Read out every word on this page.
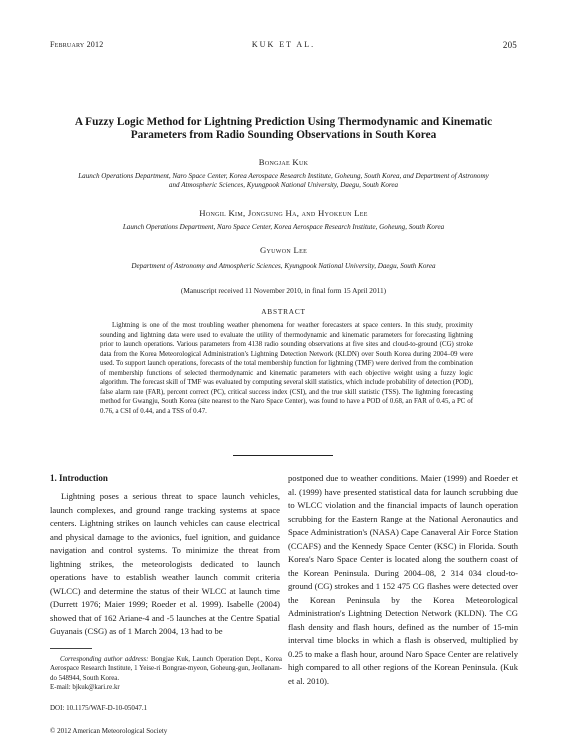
February 2012	KUK ET AL.	205
A Fuzzy Logic Method for Lightning Prediction Using Thermodynamic and Kinematic Parameters from Radio Sounding Observations in South Korea
Bongjae Kuk
Launch Operations Department, Naro Space Center, Korea Aerospace Research Institute, Goheung, South Korea, and Department of Astronomy and Atmospheric Sciences, Kyungpook National University, Daegu, South Korea
Hongil Kim, Jongsung Ha, and Hyokeun Lee
Launch Operations Department, Naro Space Center, Korea Aerospace Research Institute, Goheung, South Korea
Gyuwon Lee
Department of Astronomy and Atmospheric Sciences, Kyungpook National University, Daegu, South Korea
(Manuscript received 11 November 2010, in final form 15 April 2011)
ABSTRACT
Lightning is one of the most troubling weather phenomena for weather forecasters at space centers. In this study, proximity sounding and lightning data were used to evaluate the utility of thermodynamic and kinematic parameters for forecasting lightning prior to launch operations. Various parameters from 4138 radio sounding observations at five sites and cloud-to-ground (CG) stroke data from the Korea Meteorological Administration's Lightning Detection Network (KLDN) over South Korea during 2004–09 were used. To support launch operations, forecasts of the total membership function for lightning (TMF) were derived from the combination of membership functions of selected thermodynamic and kinematic parameters with each objective weight using a fuzzy logic algorithm. The forecast skill of TMF was evaluated by computing several skill statistics, which include probability of detection (POD), false alarm rate (FAR), percent correct (PC), critical success index (CSI), and the true skill statistic (TSS). The lightning forecasting method for Gwangju, South Korea (site nearest to the Naro Space Center), was found to have a POD of 0.68, an FAR of 0.45, a PC of 0.76, a CSI of 0.44, and a TSS of 0.47.
1. Introduction
Lightning poses a serious threat to space launch vehicles, launch complexes, and ground range tracking systems at space centers. Lightning strikes on launch vehicles can cause electrical and physical damage to the avionics, fuel ignition, and guidance navigation and control systems. To minimize the threat from lightning strikes, the meteorologists dedicated to launch operations have to establish weather launch commit criteria (WLCC) and determine the status of their WLCC at launch time (Durrett 1976; Maier 1999; Roeder et al. 1999). Isabelle (2004) showed that of 162 Ariane-4 and -5 launches at the Centre Spatial Guyanais (CSG) as of 1 March 2004, 13 had to be
postponed due to weather conditions. Maier (1999) and Roeder et al. (1999) have presented statistical data for launch scrubbing due to WLCC violation and the financial impacts of launch operation scrubbing for the Eastern Range at the National Aeronautics and Space Administration's (NASA) Cape Canaveral Air Force Station (CCAFS) and the Kennedy Space Center (KSC) in Florida. South Korea's Naro Space Center is located along the southern coast of the Korean Peninsula. During 2004–08, 2 314 034 cloud-to-ground (CG) strokes and 1 152 475 CG flashes were detected over the Korean Peninsula by the Korea Meteorological Administration's Lightning Detection Network (KLDN). The CG flash density and flash hours, defined as the number of 15-min interval time blocks in which a flash is observed, multiplied by 0.25 to make a flash hour, around Naro Space Center are relatively high compared to all other regions of the Korean Peninsula. (Kuk et al. 2010).
Corresponding author address: Bongjae Kuk, Launch Operation Dept., Korea Aerospace Research Institute, 1 Yeise-ri Bongrae-myeon, Goheung-gun, Jeollanam-do 548944, South Korea.
E-mail: bjkuk@kari.re.kr
DOI: 10.1175/WAF-D-10-05047.1
© 2012 American Meteorological Society
